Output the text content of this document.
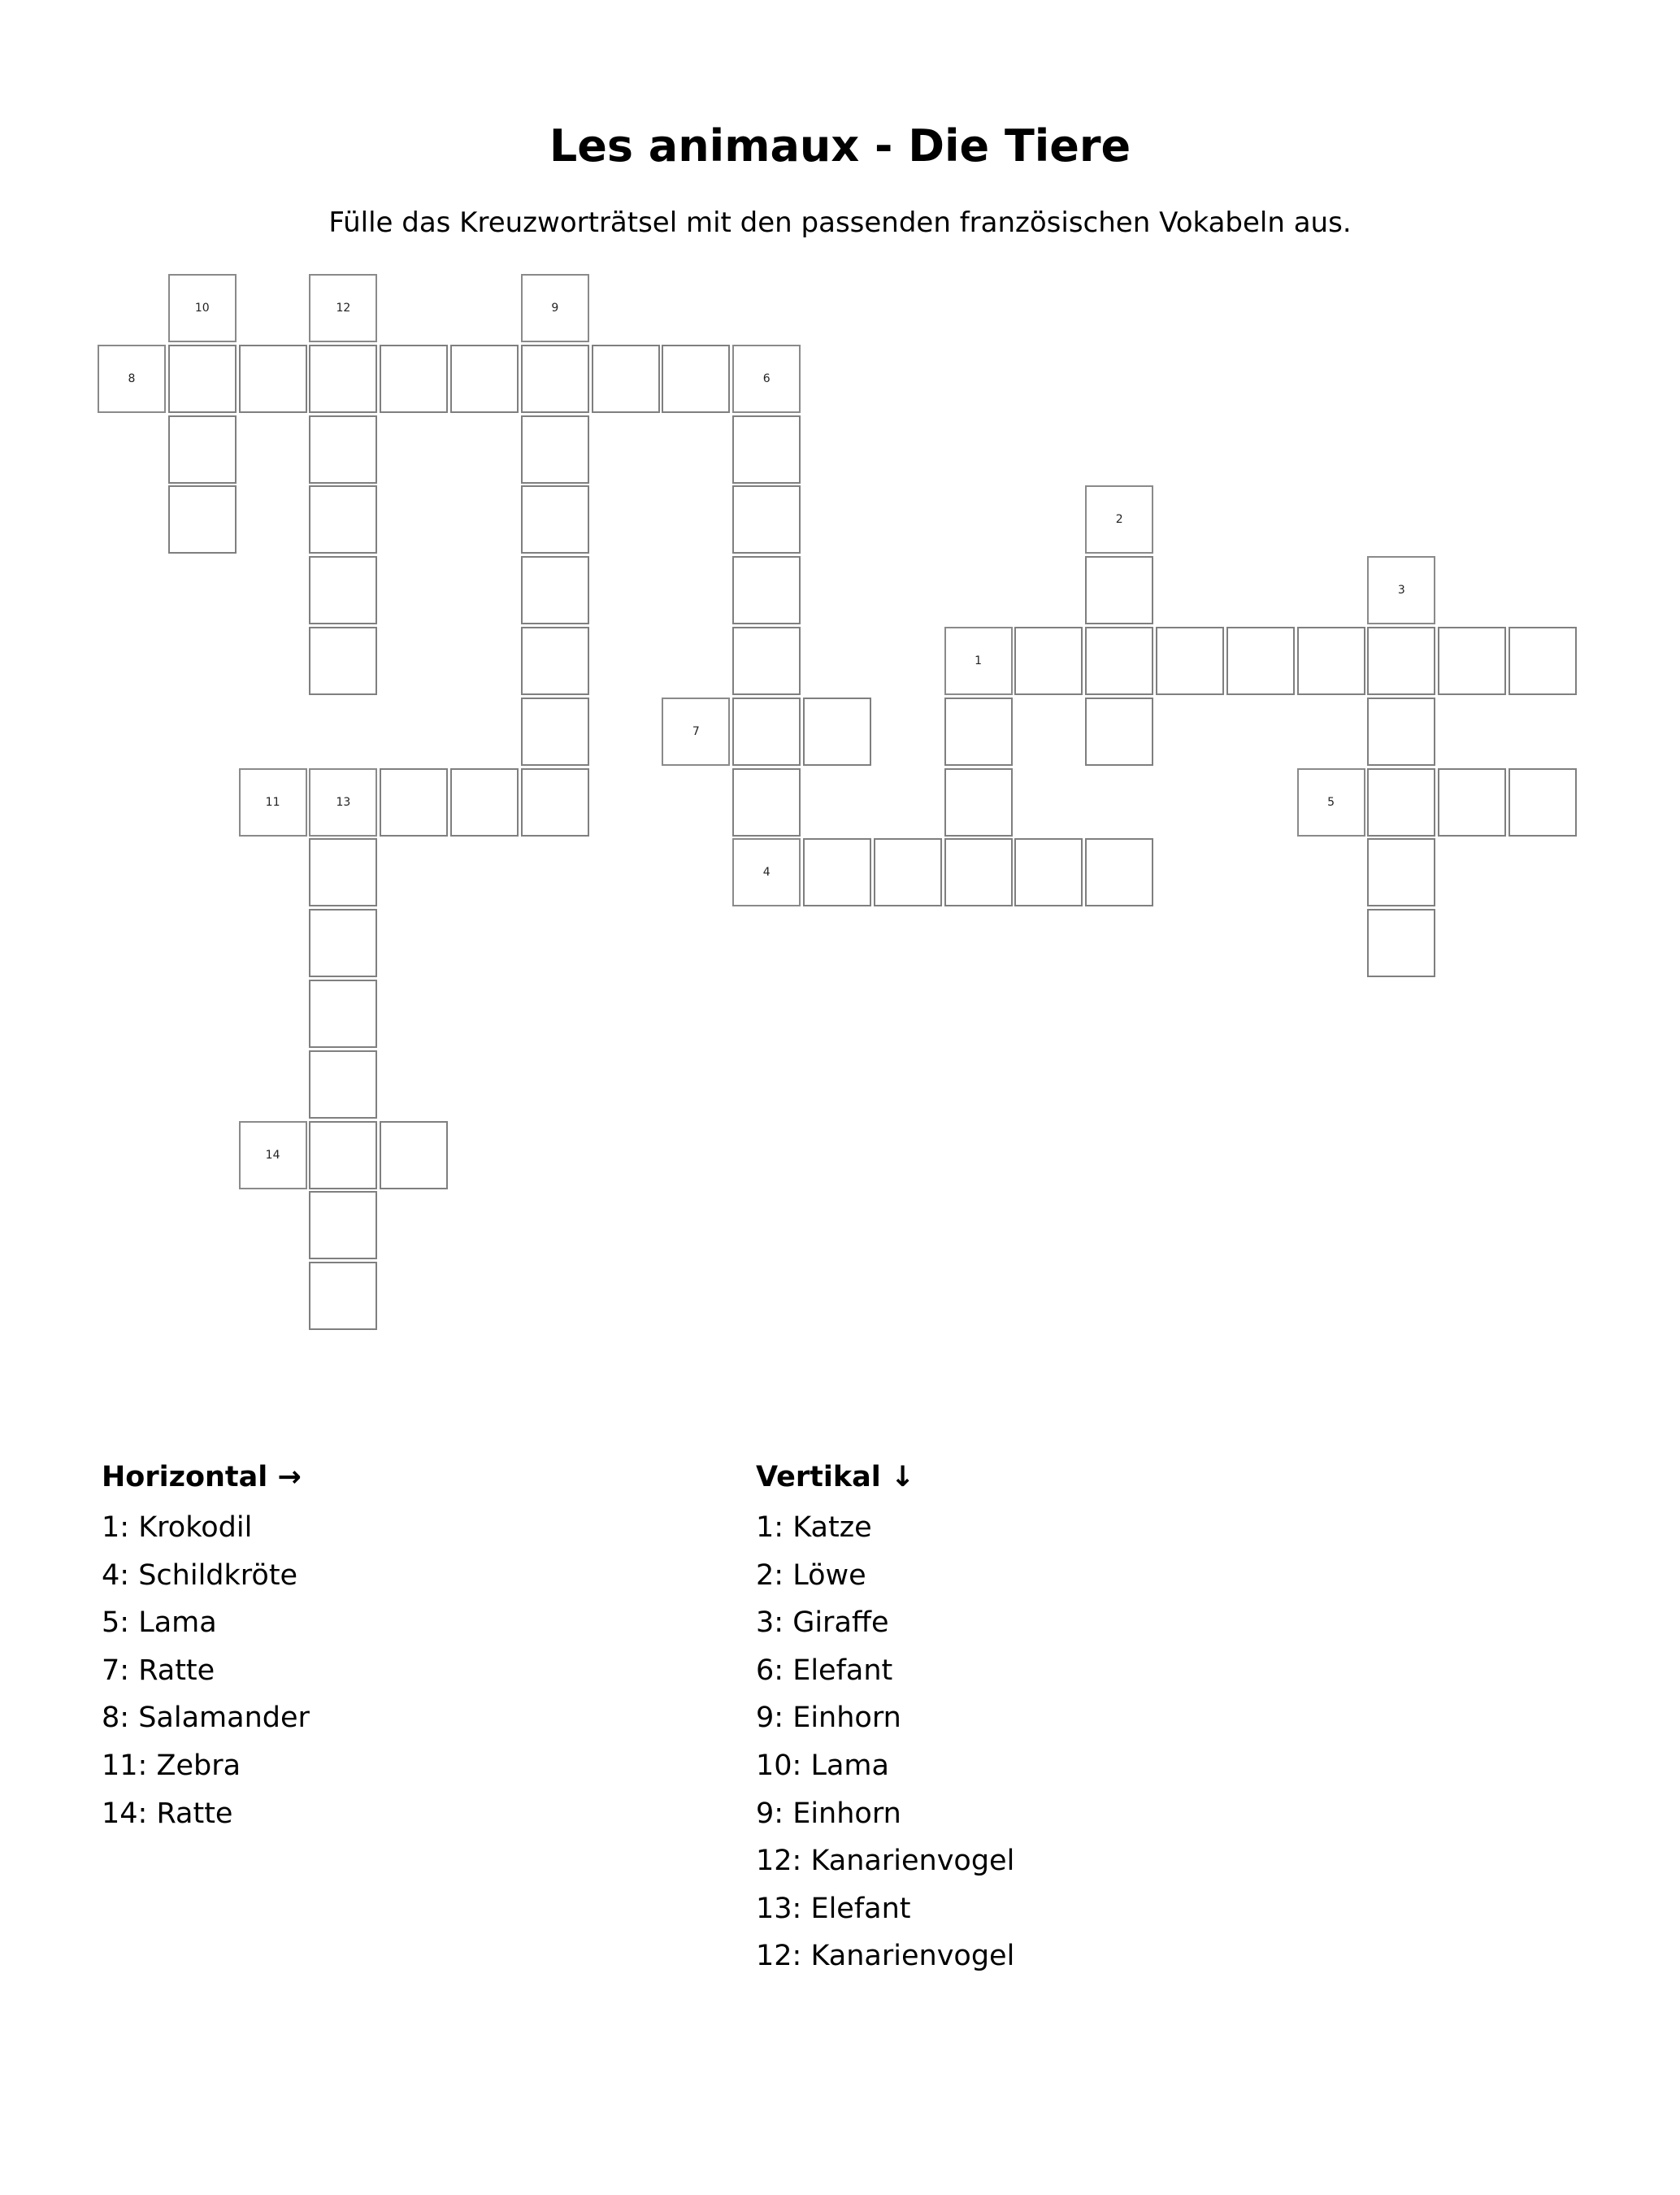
Les animaux - Die Tiere

Fülle das Kreuzworträtsel mit den passenden französischen Vokabeln aus.

10	12	9
8	6
2
3
1
7
11	13	5
4
14
Horizontal →
1: Krokodil
4: Schildkröte
5: Lama
7: Ratte
8: Salamander
11: Zebra
14: Ratte
Vertikal ↓
1: Katze
2: Löwe
3: Giraffe
6: Elefant
9: Einhorn
10: Lama
9: Einhorn
12: Kanarienvogel
13: Elefant
12: Kanarienvogel
